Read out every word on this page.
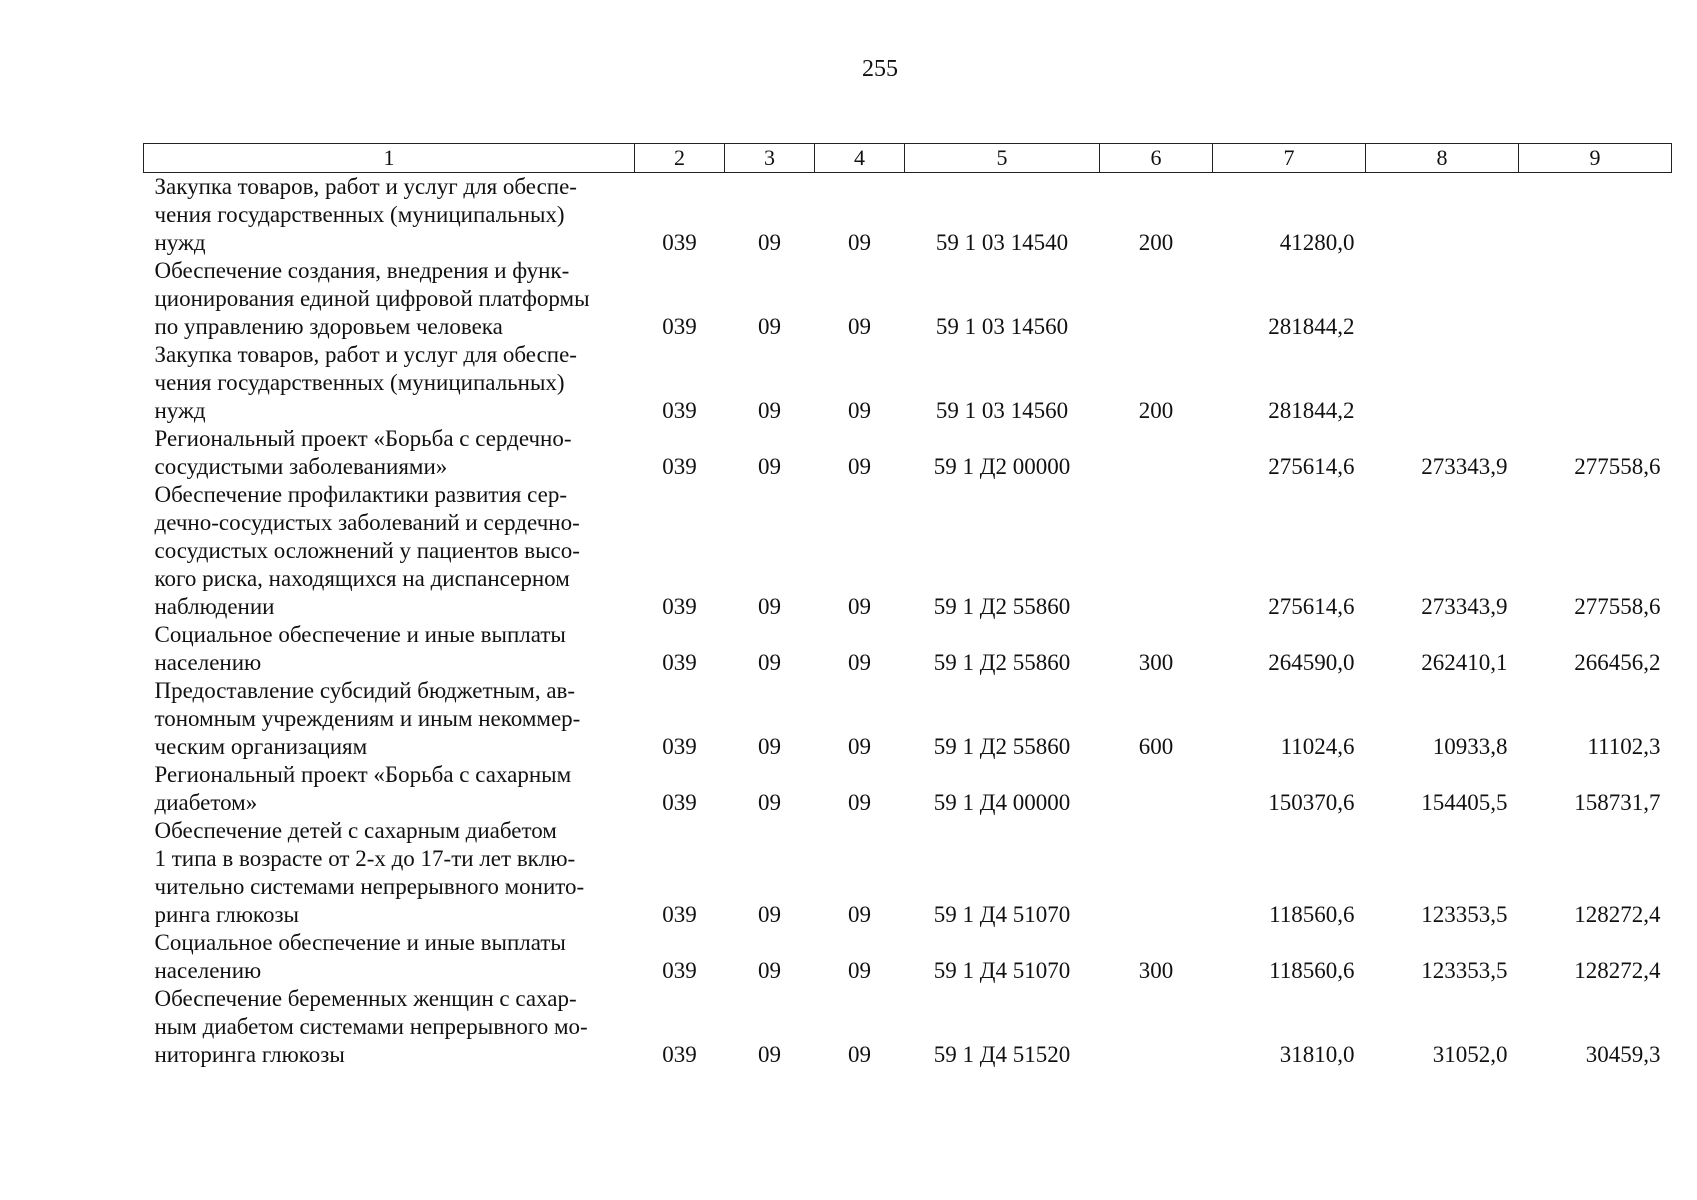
255
1	2	3	4	5	6	7	8	9

Закупка товаров, работ и услуг для обеспе-
чения государственных (муниципальных)
нужд	039	09	09	59 1 03 14540	200	41280,0		

Обеспечение создания, внедрения и функ-
ционирования единой цифровой платформы
по управлению здоровьем человека	039	09	09	59 1 03 14560		281844,2		

Закупка товаров, работ и услуг для обеспе-
чения государственных (муниципальных)
нужд	039	09	09	59 1 03 14560	200	281844,2		

Региональный проект «Борьба с сердечно-
сосудистыми заболеваниями»	039	09	09	59 1 Д2 00000		275614,6	273343,9	277558,6

Обеспечение профилактики развития сер-
дечно-сосудистых заболеваний и сердечно-
сосудистых осложнений у пациентов высо-
кого риска, находящихся на диспансерном
наблюдении	039	09	09	59 1 Д2 55860		275614,6	273343,9	277558,6

Социальное обеспечение и иные выплаты
населению	039	09	09	59 1 Д2 55860	300	264590,0	262410,1	266456,2

Предоставление субсидий бюджетным, ав-
тономным учреждениям и иным некоммер-
ческим организациям	039	09	09	59 1 Д2 55860	600	11024,6	10933,8	11102,3

Региональный проект «Борьба с сахарным
диабетом»	039	09	09	59 1 Д4 00000		150370,6	154405,5	158731,7

Обеспечение детей с сахарным диабетом
1 типа в возрасте от 2-х до 17-ти лет вклю-
чительно системами непрерывного монито-
ринга глюкозы	039	09	09	59 1 Д4 51070		118560,6	123353,5	128272,4

Социальное обеспечение и иные выплаты
населению	039	09	09	59 1 Д4 51070	300	118560,6	123353,5	128272,4

Обеспечение беременных женщин с сахар-
ным диабетом системами непрерывного мо-
ниторинга глюкозы	039	09	09	59 1 Д4 51520		31810,0	31052,0	30459,3
